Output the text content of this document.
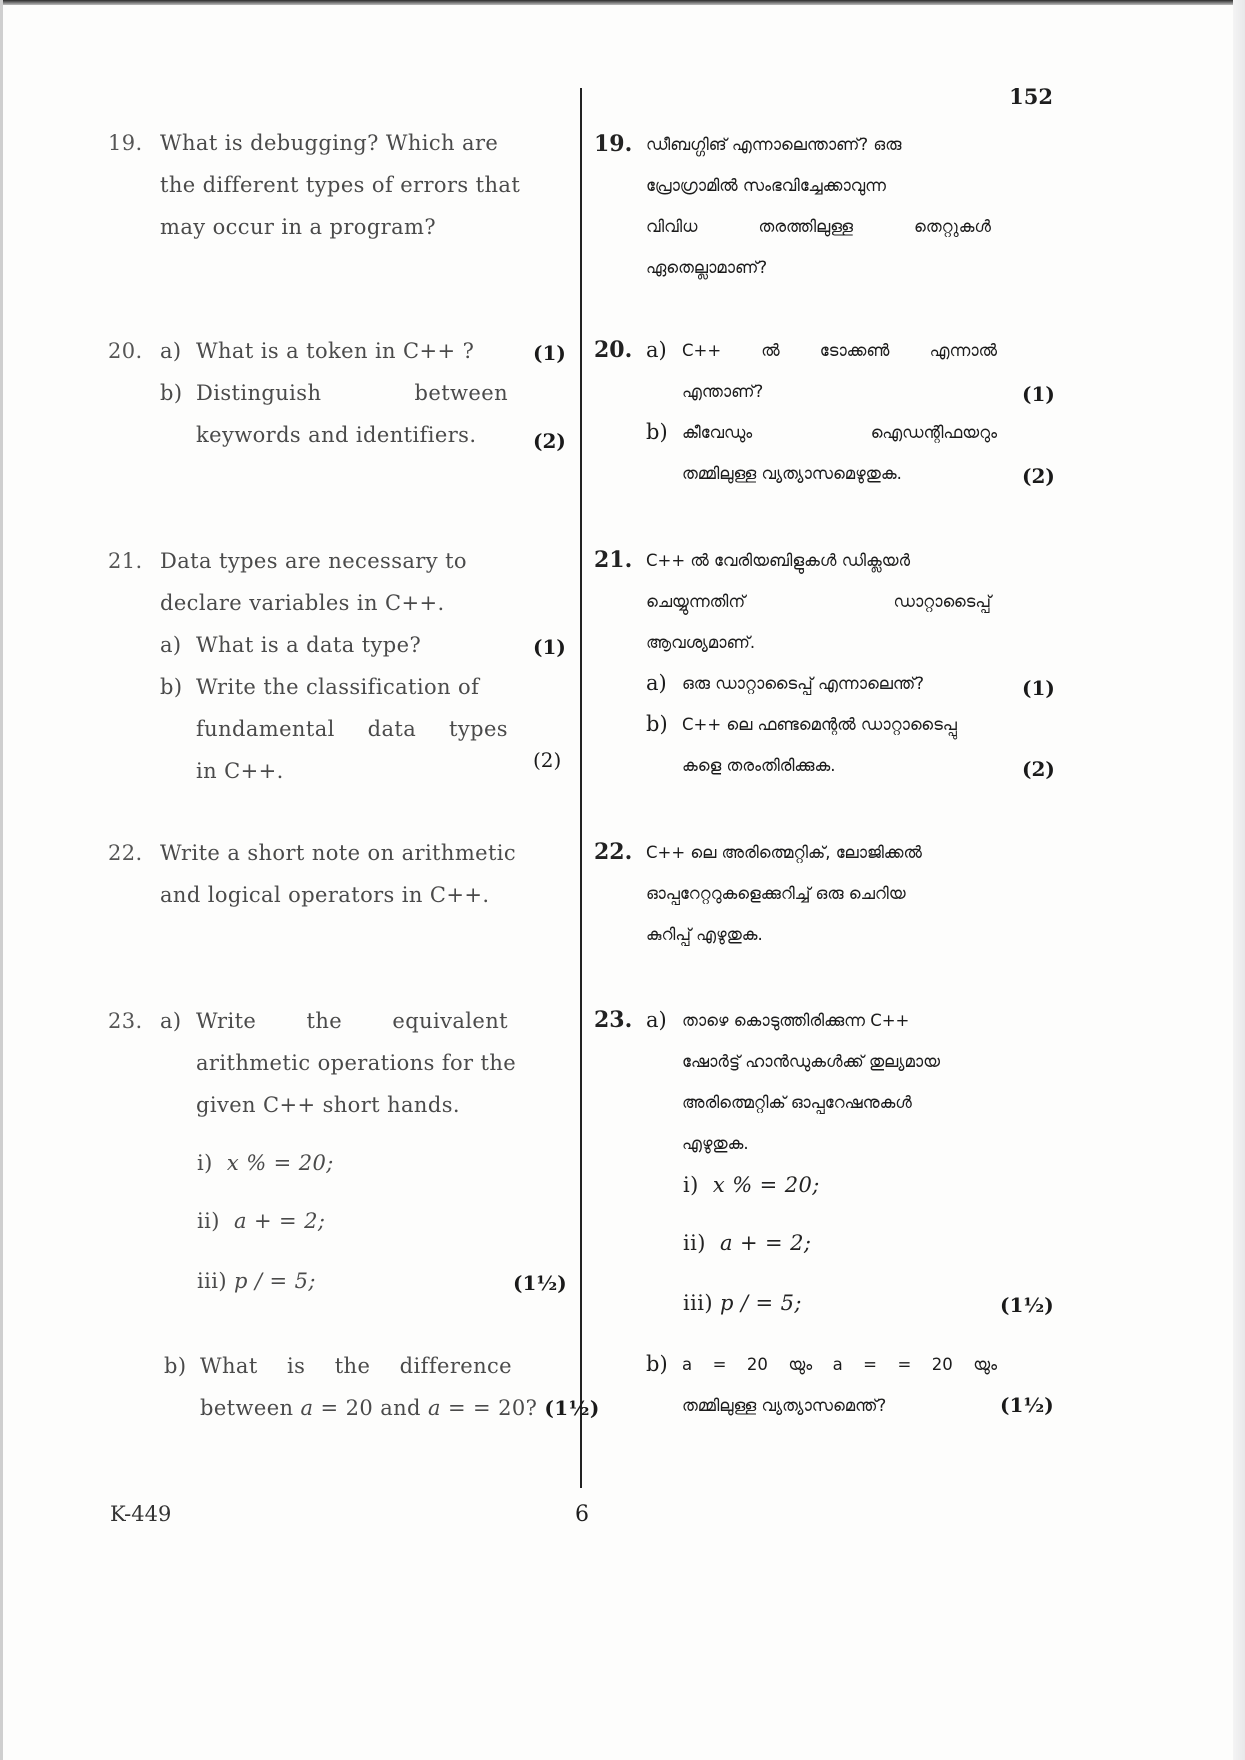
152
19. What is debugging? Which are
the different types of errors that
may occur in a program?
20. a) What is a token in C++ ?
b) Distinguish between
keywords and identifiers.
(1)
(2)
21. Data types are necessary to
declare variables in C++.
a) What is a data type?
b) Write the classification of
fundamental data types
in C++.
(1)
(2)
22. Write a short note on arithmetic
and logical operators in C++.
23. a) Write the equivalent
arithmetic operations for the
given C++ short hands.
i) x % = 20;
ii) a + = 2;
iii) p / = 5;	(1½)
b) What is the difference
between a = 20 and a = = 20? (1½)
19. ഡീബഗ്ഗിങ് എന്നാലെന്താണ്? ഒരു
പ്രോഗ്രാമിൽ സംഭവിച്ചേക്കാവുന്ന
വിവിധ തരത്തിലുള്ള തെറ്റുകൾ
ഏതെല്ലാമാണ്?
20. a) C++ ൽ ടോക്കൺ എന്നാൽ
എന്താണ്?
b) കീവേഡും ഐഡന്റിഫയറും
തമ്മിലുള്ള വ്യത്യാസമെഴുതുക.
(1)
(2)
21. C++ ൽ വേരിയബിളുകൾ ഡിക്ലയർ
ചെയ്യുന്നതിന് ഡാറ്റാടൈപ്പ്
ആവശ്യമാണ്.
a) ഒരു ഡാറ്റാടൈപ്പ് എന്നാലെന്ത്?
b) C++ ലെ ഫണ്ടമെന്റൽ ഡാറ്റാടൈപ്പു
കളെ തരംതിരിക്കുക.
(1)
(2)
22. C++ ലെ അരിത്മെറ്റിക്, ലോജിക്കൽ
ഓപ്പറേറ്ററുകളെക്കുറിച്ച് ഒരു ചെറിയ
കുറിപ്പ് എഴുതുക.
23. a) താഴെ കൊടുത്തിരിക്കുന്ന C++
ഷോർട്ട് ഹാൻഡുകൾക്ക് തുല്യമായ
അരിത്മെറ്റിക് ഓപ്പറേഷനുകൾ
എഴുതുക.
i) x % = 20;
ii) a + = 2;
iii) p / = 5;	(1½)
b) a = 20 യും a = = 20 യും
തമ്മിലുള്ള വ്യത്യാസമെന്ത്?	(1½)
K-449	6
